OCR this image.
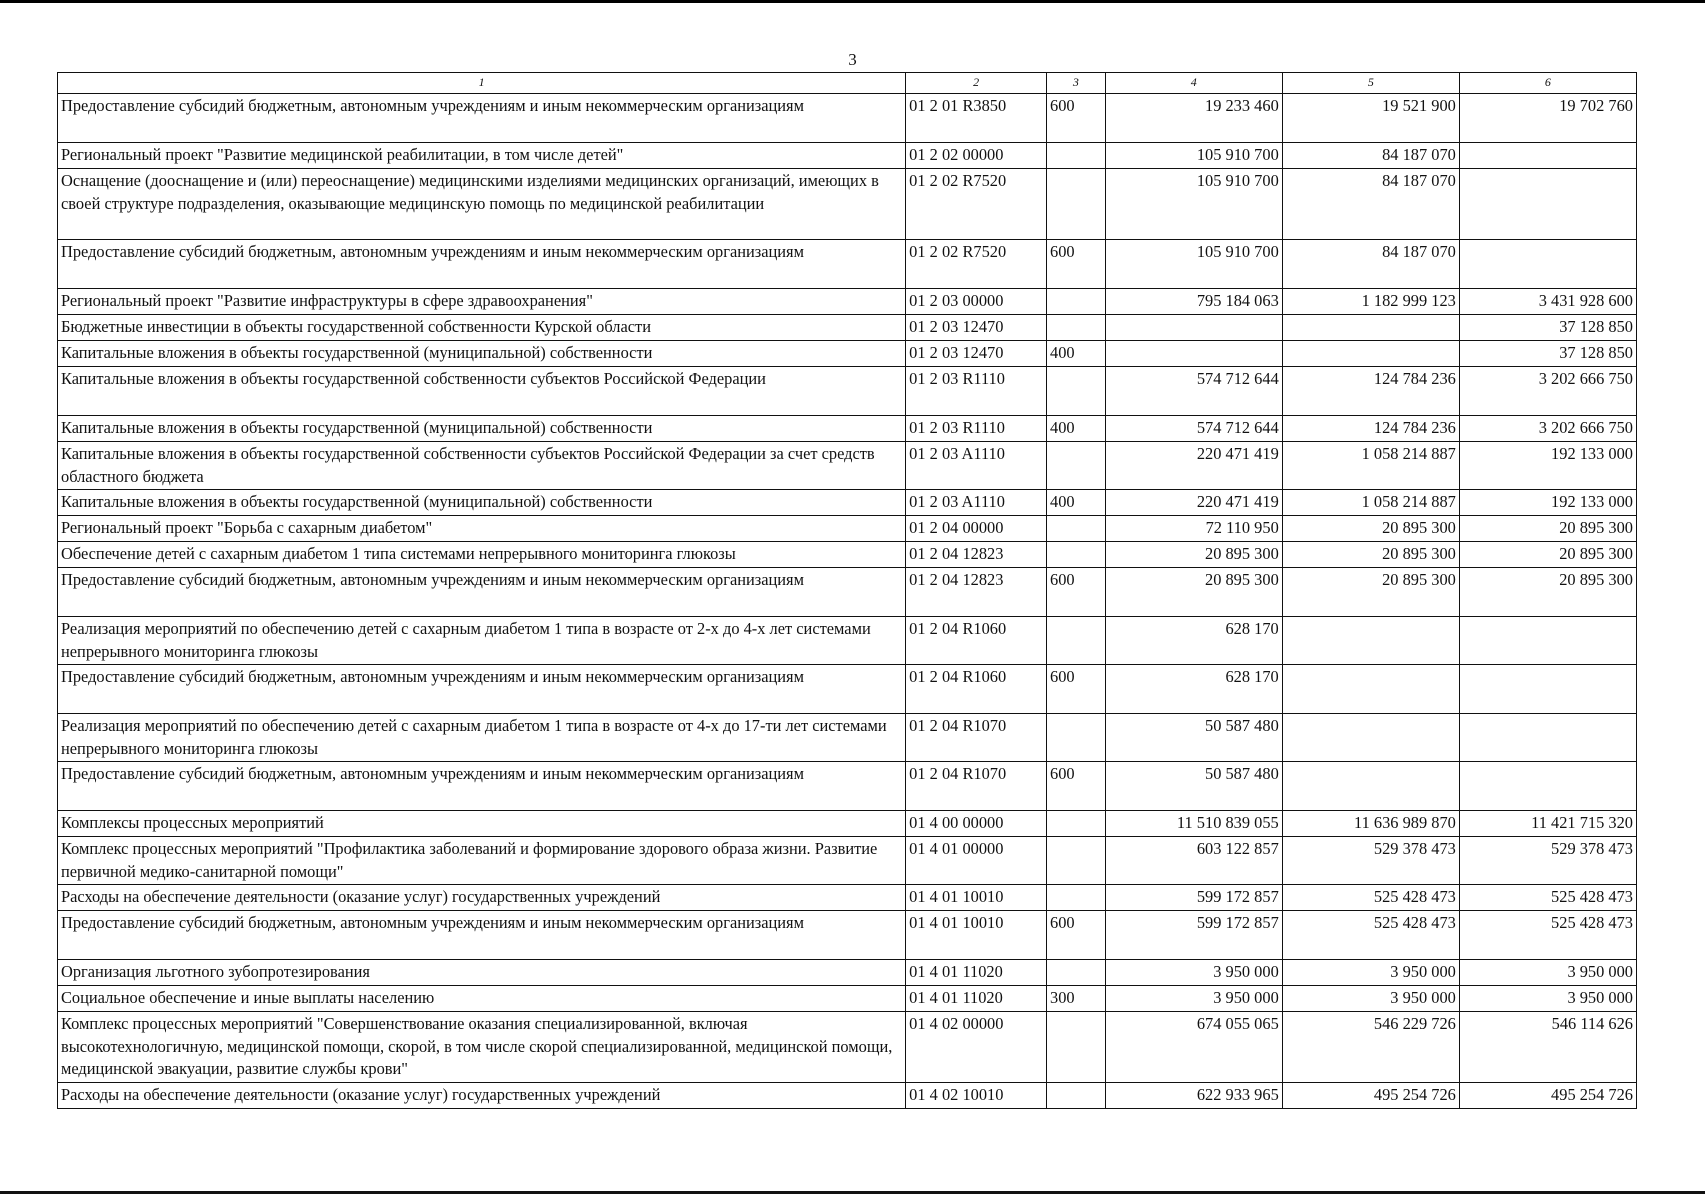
3
1	2	3	4	5	6
Предоставление субсидий бюджетным, автономным учреждениям и иным некоммерческим организациям	01 2 01 R3850	600	19 233 460	19 521 900	19 702 760
Региональный проект "Развитие медицинской реабилитации, в том числе детей"	01 2 02 00000		105 910 700	84 187 070	
Оснащение (дооснащение и (или) переоснащение) медицинскими изделиями медицинских организаций, имеющих в своей структуре подразделения, оказывающие медицинскую помощь по медицинской реабилитации	01 2 02 R7520		105 910 700	84 187 070	
Предоставление субсидий бюджетным, автономным учреждениям и иным некоммерческим организациям	01 2 02 R7520	600	105 910 700	84 187 070	
Региональный проект "Развитие инфраструктуры в сфере здравоохранения"	01 2 03 00000		795 184 063	1 182 999 123	3 431 928 600
Бюджетные инвестиции в объекты государственной собственности Курской области	01 2 03 12470				37 128 850
Капитальные вложения в объекты государственной (муниципальной) собственности	01 2 03 12470	400			37 128 850
Капитальные вложения в объекты государственной собственности субъектов Российской Федерации	01 2 03 R1110		574 712 644	124 784 236	3 202 666 750
Капитальные вложения в объекты государственной (муниципальной) собственности	01 2 03 R1110	400	574 712 644	124 784 236	3 202 666 750
Капитальные вложения в объекты государственной собственности субъектов Российской Федерации за счет средств областного бюджета	01 2 03 A1110		220 471 419	1 058 214 887	192 133 000
Капитальные вложения в объекты государственной (муниципальной) собственности	01 2 03 A1110	400	220 471 419	1 058 214 887	192 133 000
Региональный проект "Борьба с сахарным диабетом"	01 2 04 00000		72 110 950	20 895 300	20 895 300
Обеспечение детей с сахарным диабетом 1 типа системами непрерывного мониторинга глюкозы	01 2 04 12823		20 895 300	20 895 300	20 895 300
Предоставление субсидий бюджетным, автономным учреждениям и иным некоммерческим организациям	01 2 04 12823	600	20 895 300	20 895 300	20 895 300
Реализация мероприятий по обеспечению детей с сахарным диабетом 1 типа в возрасте от 2-х до 4-х лет системами непрерывного мониторинга глюкозы	01 2 04 R1060		628 170		
Предоставление субсидий бюджетным, автономным учреждениям и иным некоммерческим организациям	01 2 04 R1060	600	628 170		
Реализация мероприятий по обеспечению детей с сахарным диабетом 1 типа в возрасте от 4-х до 17-ти лет системами непрерывного мониторинга глюкозы	01 2 04 R1070		50 587 480		
Предоставление субсидий бюджетным, автономным учреждениям и иным некоммерческим организациям	01 2 04 R1070	600	50 587 480		
Комплексы процессных мероприятий	01 4 00 00000		11 510 839 055	11 636 989 870	11 421 715 320
Комплекс процессных мероприятий "Профилактика заболеваний и формирование здорового образа жизни. Развитие первичной медико-санитарной помощи"	01 4 01 00000		603 122 857	529 378 473	529 378 473
Расходы на обеспечение деятельности (оказание услуг) государственных учреждений	01 4 01 10010		599 172 857	525 428 473	525 428 473
Предоставление субсидий бюджетным, автономным учреждениям и иным некоммерческим организациям	01 4 01 10010	600	599 172 857	525 428 473	525 428 473
Организация льготного зубопротезирования	01 4 01 11020		3 950 000	3 950 000	3 950 000
Социальное обеспечение и иные выплаты населению	01 4 01 11020	300	3 950 000	3 950 000	3 950 000
Комплекс процессных мероприятий "Совершенствование оказания специализированной, включая высокотехнологичную, медицинской помощи, скорой, в том числе скорой специализированной, медицинской помощи, медицинской эвакуации, развитие службы крови"	01 4 02 00000		674 055 065	546 229 726	546 114 626
Расходы на обеспечение деятельности (оказание услуг) государственных учреждений	01 4 02 10010		622 933 965	495 254 726	495 254 726
